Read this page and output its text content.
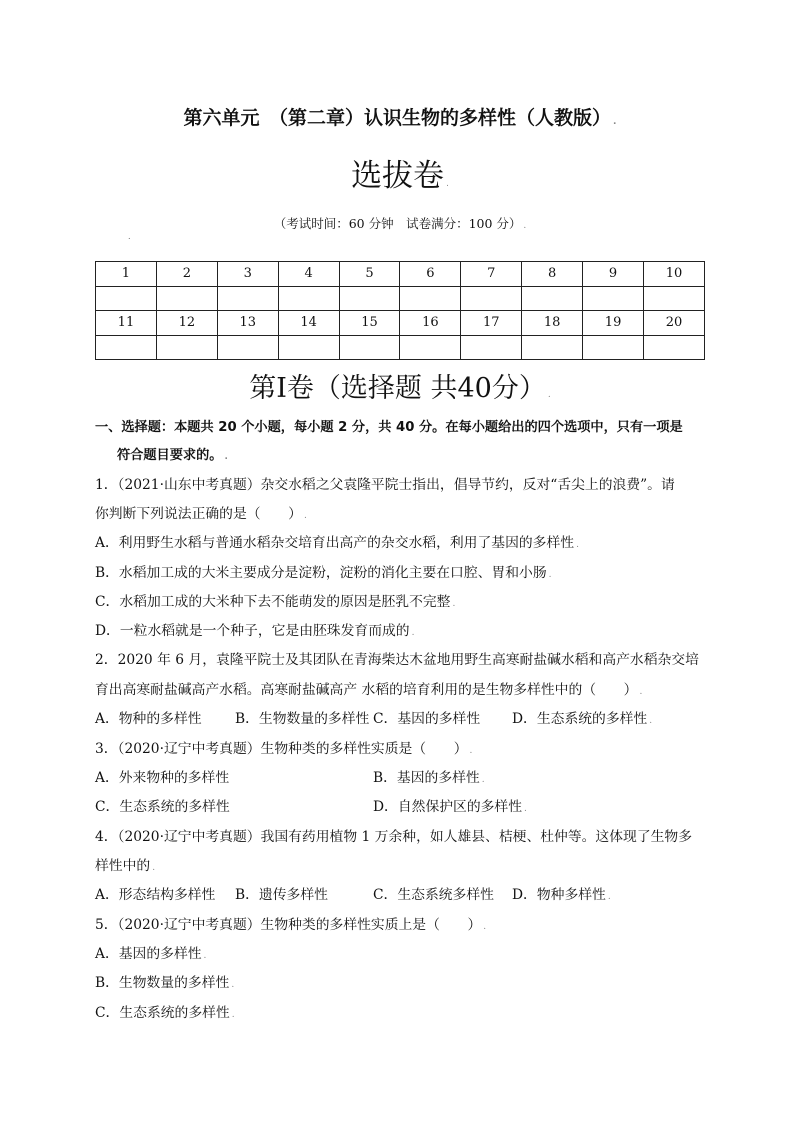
第六单元　（第二章）认识生物的多样性（人教版） .
选拔卷 .
（考试时间：60 分钟　试卷满分：100 分） .
.
1	2	3	4	5	6	7	8	9	10

11	12	13	14	15	16	17	18	19	20

第Ⅰ卷（选择题 共40分） .
一、选择题：本题共 20 个小题，每小题 2 分，共 40 分。在每小题给出的四个选项中，只有一项是
符合题目要求的。 .
1．（2021·山东中考真题）杂交水稻之父袁隆平院士指出，倡导节约，反对“舌尖上的浪费”。请
你判断下列说法正确的是（　　） .
A．利用野生水稻与普通水稻杂交培育出高产的杂交水稻，利用了基因的多样性 .
B．水稻加工成的大米主要成分是淀粉，淀粉的消化主要在口腔、胃和小肠 .
C．水稻加工成的大米种下去不能萌发的原因是胚乳不完整 .
D．一粒水稻就是一个种子，它是由胚珠发育而成的 .
2．2020 年 6 月，袁隆平院士及其团队在青海柴达木盆地用野生高寒耐盐碱水稻和高产水稻杂交培
育出高寒耐盐碱高产水稻。高寒耐盐碱高产 水稻的培育利用的是生物多样性中的（　　） .
A．物种的多样性 B．生物数量的多样性 C．基因的多样性 D．生态系统的多样性 .
3．（2020·辽宁中考真题）生物种类的多样性实质是（　　） .
A．外来物种的多样性	B．基因的多样性 .
C．生态系统的多样性	D．自然保护区的多样性 .
4．（2020·辽宁中考真题）我国有药用植物 1 万余种，如人雄县、桔梗、杜仲等。这体现了生物多
样性中的 .
A．形态结构多样性 B．遗传多样性	C．生态系统多样性 D．物种多样性 .
5．（2020·辽宁中考真题）生物种类的多样性实质上是（　　） .
A．基因的多样性 .
B．生物数量的多样性 .
C．生态系统的多样性 .
